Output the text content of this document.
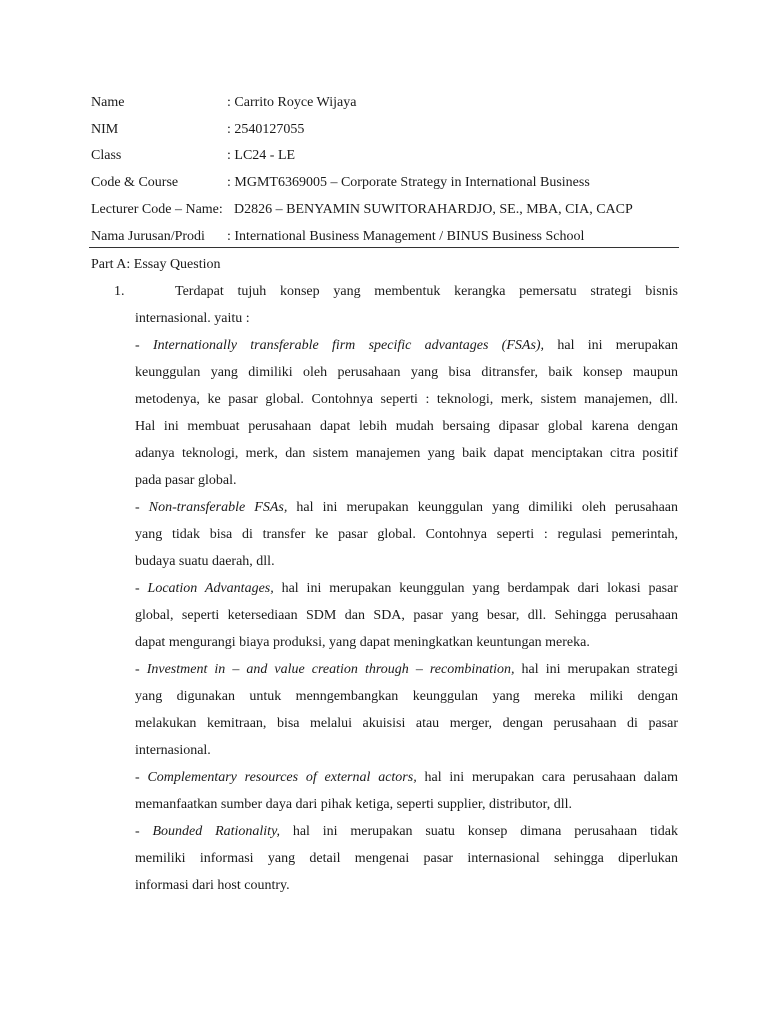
Name	: Carrito Royce Wijaya
NIM	: 2540127055
Class	: LC24 - LE
Code & Course	: MGMT6369005 – Corporate Strategy in International Business
Lecturer Code – Name: D2826 – BENYAMIN SUWITORAHARDJO, SE., MBA, CIA, CACP
Nama Jurusan/Prodi : International Business Management / BINUS Business School
Part A: Essay Question
1.	Terdapat tujuh konsep yang membentuk kerangka pemersatu strategi bisnis
internasional. yaitu :
- Internationally transferable firm specific advantages (FSAs), hal ini merupakan
keunggulan yang dimiliki oleh perusahaan yang bisa ditransfer, baik konsep maupun
metodenya, ke pasar global. Contohnya seperti : teknologi, merk, sistem manajemen, dll.
Hal ini membuat perusahaan dapat lebih mudah bersaing dipasar global karena dengan
adanya teknologi, merk, dan sistem manajemen yang baik dapat menciptakan citra positif
pada pasar global.
- Non-transferable FSAs, hal ini merupakan keunggulan yang dimiliki oleh perusahaan
yang tidak bisa di transfer ke pasar global. Contohnya seperti : regulasi pemerintah,
budaya suatu daerah, dll.
- Location Advantages, hal ini merupakan keunggulan yang berdampak dari lokasi pasar
global, seperti ketersediaan SDM dan SDA, pasar yang besar, dll. Sehingga perusahaan
dapat mengurangi biaya produksi, yang dapat meningkatkan keuntungan mereka.
- Investment in – and value creation through – recombination, hal ini merupakan strategi
yang digunakan untuk menngembangkan keunggulan yang mereka miliki dengan
melakukan kemitraan, bisa melalui akuisisi atau merger, dengan perusahaan di pasar
internasional.
- Complementary resources of external actors, hal ini merupakan cara perusahaan dalam
memanfaatkan sumber daya dari pihak ketiga, seperti supplier, distributor, dll.
- Bounded Rationality, hal ini merupakan suatu konsep dimana perusahaan tidak
memiliki informasi yang detail mengenai pasar internasional sehingga diperlukan
informasi dari host country.
